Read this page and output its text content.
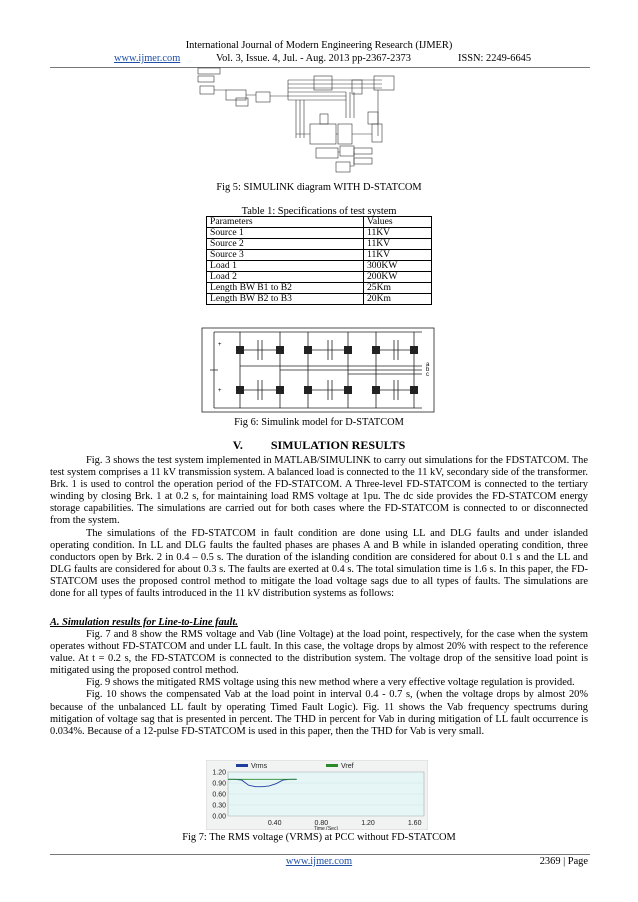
International Journal of Modern Engineering Research (IJMER)
www.ijmer.com	Vol. 3, Issue. 4, Jul. - Aug. 2013 pp-2367-2373	ISSN: 2249-6645
Fig 5: SIMULINK diagram WITH D-STATCOM
Table 1: Specifications of test system
Parameters	Values
Source 1	11KV
Source 2	11KV
Source 3	11KV
Load 1	300KW
Load 2	200KW
Length BW B1 to B2	25Km
Length BW B2 to B3	20Km
+
+
a
b
c
Fig 6: Simulink model for D-STATCOM
V. SIMULATION RESULTS

Fig. 3 shows the test system implemented in MATLAB/SIMULINK to carry out simulations for the FDSTATCOM. The test system comprises a 11 kV transmission system. A balanced load is connected to the 11 kV, secondary side of the transformer. Brk. 1 is used to control the operation period of the FD-STATCOM. A Three-level FD-STATCOM is connected to the tertiary winding by closing Brk. 1 at 0.2 s, for maintaining load RMS voltage at 1pu. The dc side provides the FD-STATCOM energy storage capabilities. The simulations are carried out for both cases where the FD-STATCOM is connected to or disconnected from the system.

The simulations of the FD-STATCOM in fault condition are done using LL and DLG faults and under islanded operating condition. In LL and DLG faults the faulted phases are phases A and B while in islanded operating condition, three conductors open by Brk. 2 in 0.4 – 0.5 s. The duration of the islanding condition are considered for about 0.1 s and the LL and DLG faults are considered for about 0.3 s. The faults are exerted at 0.4 s. The total simulation time is 1.6 s. In this paper, the FD-STATCOM uses the proposed control method to mitigate the load voltage sags due to all types of faults. The simulations are done for all types of faults introduced in the 11 kV distribution systems as follows:

A. Simulation results for Line-to-Line fault.

Fig. 7 and 8 show the RMS voltage and Vab (line Voltage) at the load point, respectively, for the case when the system operates without FD-STATCOM and under LL fault. In this case, the voltage drops by almost 20% with respect to the reference value. At t = 0.2 s, the FD-STATCOM is connected to the distribution system. The voltage drop of the sensitive load point is mitigated using the proposed control method.

Fig. 9 shows the mitigated RMS voltage using this new method where a very effective voltage regulation is provided.

Fig. 10 shows the compensated Vab at the load point in interval 0.4 - 0.7 s, (when the voltage drops by almost 20% because of the unbalanced LL fault by operating Timed Fault Logic). Fig. 11 shows the Vab frequency spectrums during mitigation of voltage sag that is presented in percent. The THD in percent for Vab in during mitigation of LL fault occurrence is 0.034%. Because of a 12-pulse FD-STATCOM is used in this paper, then the THD for Vab is very small.

1.20
0.90
0.60
0.30
0.00
0.40	0.80	1.20	1.60
Time (Sec)
Vrms	Vref
Fig 7: The RMS voltage (VRMS) at PCC without FD-STATCOM
www.ijmer.com	2369 | Page
